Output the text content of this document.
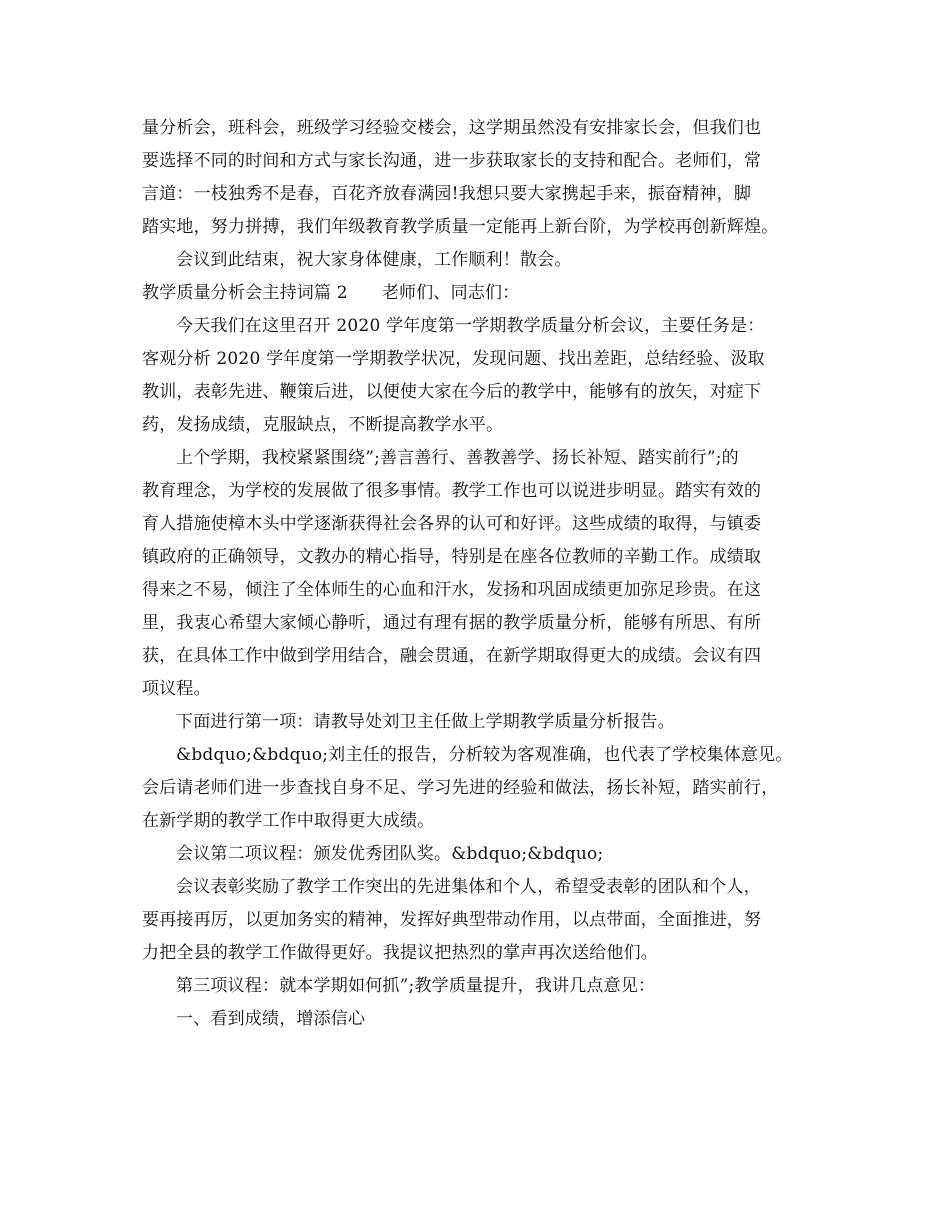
量分析会，班科会，班级学习经验交楼会，这学期虽然没有安排家长会，但我们也
要选择不同的时间和方式与家长沟通，进一步获取家长的支持和配合。老师们，常
言道：一枝独秀不是春，百花齐放春满园!我想只要大家携起手来，振奋精神，脚
踏实地，努力拼搏，我们年级教育教学质量一定能再上新台阶，为学校再创新辉煌。
会议到此结束，祝大家身体健康，工作顺利！散会。
教学质量分析会主持词篇 2 老师们、同志们：
今天我们在这里召开 2020 学年度第一学期教学质量分析会议，主要任务是：
客观分析 2020 学年度第一学期教学状况，发现问题、找出差距，总结经验、汲取
教训，表彰先进、鞭策后进，以便使大家在今后的教学中，能够有的放矢，对症下
药，发扬成绩，克服缺点，不断提高教学水平。
上个学期，我校紧紧围绕”;善言善行、善教善学、扬长补短、踏实前行”;的
教育理念，为学校的发展做了很多事情。教学工作也可以说进步明显。踏实有效的
育人措施使樟木头中学逐渐获得社会各界的认可和好评。这些成绩的取得，与镇委
镇政府的正确领导，文教办的精心指导，特别是在座各位教师的辛勤工作。成绩取
得来之不易，倾注了全体师生的心血和汗水，发扬和巩固成绩更加弥足珍贵。在这
里，我衷心希望大家倾心静听，通过有理有据的教学质量分析，能够有所思、有所
获，在具体工作中做到学用结合，融会贯通，在新学期取得更大的成绩。会议有四
项议程。
下面进行第一项：请教导处刘卫主任做上学期教学质量分析报告。
&bdquo;&bdquo;刘主任的报告，分析较为客观准确，也代表了学校集体意见。
会后请老师们进一步查找自身不足、学习先进的经验和做法，扬长补短，踏实前行，
在新学期的教学工作中取得更大成绩。
会议第二项议程：颁发优秀团队奖。&bdquo;&bdquo;
会议表彰奖励了教学工作突出的先进集体和个人，希望受表彰的团队和个人，
要再接再厉，以更加务实的精神，发挥好典型带动作用，以点带面，全面推进，努
力把全县的教学工作做得更好。我提议把热烈的掌声再次送给他们。
第三项议程：就本学期如何抓”;教学质量提升，我讲几点意见：
一、看到成绩，增添信心
